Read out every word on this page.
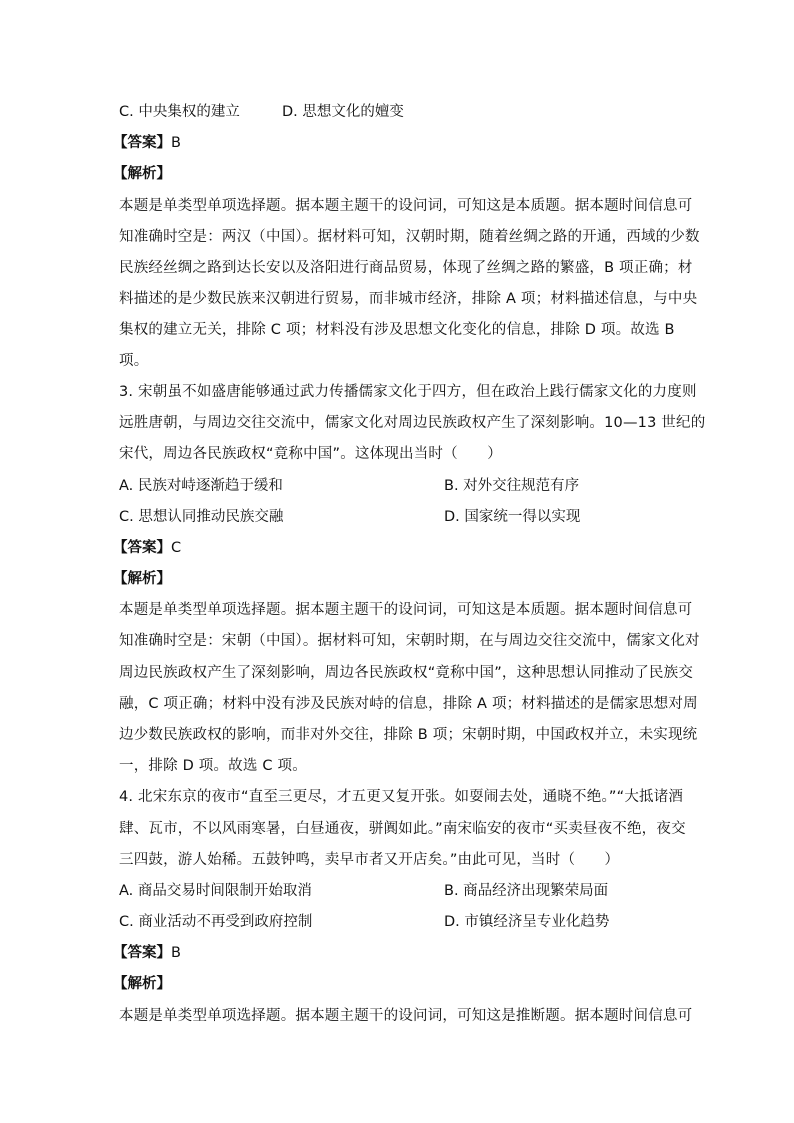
C. 中央集权的建立	D. 思想文化的嬗变
【答案】B
【解析】
本题是单类型单项选择题。据本题主题干的设问词，可知这是本质题。据本题时间信息可
知准确时空是：两汉（中国）。据材料可知，汉朝时期，随着丝绸之路的开通，西域的少数
民族经丝绸之路到达长安以及洛阳进行商品贸易，体现了丝绸之路的繁盛，B 项正确；材
料描述的是少数民族来汉朝进行贸易，而非城市经济，排除 A 项；材料描述信息，与中央
集权的建立无关，排除 C 项；材料没有涉及思想文化变化的信息，排除 D 项。故选 B
项。
3. 宋朝虽不如盛唐能够通过武力传播儒家文化于四方，但在政治上践行儒家文化的力度则
远胜唐朝，与周边交往交流中，儒家文化对周边民族政权产生了深刻影响。10—13 世纪的
宋代，周边各民族政权“竟称中国”。这体现出当时（　　）
A. 民族对峙逐渐趋于缓和	B. 对外交往规范有序
C. 思想认同推动民族交融	D. 国家统一得以实现
【答案】C
【解析】
本题是单类型单项选择题。据本题主题干的设问词，可知这是本质题。据本题时间信息可
知准确时空是：宋朝（中国）。据材料可知，宋朝时期，在与周边交往交流中，儒家文化对
周边民族政权产生了深刻影响，周边各民族政权“竟称中国”，这种思想认同推动了民族交
融，C 项正确；材料中没有涉及民族对峙的信息，排除 A 项；材料描述的是儒家思想对周
边少数民族政权的影响，而非对外交往，排除 B 项；宋朝时期，中国政权并立，未实现统
一，排除 D 项。故选 C 项。
4. 北宋东京的夜市“直至三更尽，才五更又复开张。如耍闹去处，通晓不绝。”“大抵诸酒
肆、瓦市，不以风雨寒暑，白昼通夜，骈阗如此。”南宋临安的夜市“买卖昼夜不绝，夜交
三四鼓，游人始稀。五鼓钟鸣，卖早市者又开店矣。”由此可见，当时（　　）
A. 商品交易时间限制开始取消	B. 商品经济出现繁荣局面
C. 商业活动不再受到政府控制	D. 市镇经济呈专业化趋势
【答案】B
【解析】
本题是单类型单项选择题。据本题主题干的设问词，可知这是推断题。据本题时间信息可
